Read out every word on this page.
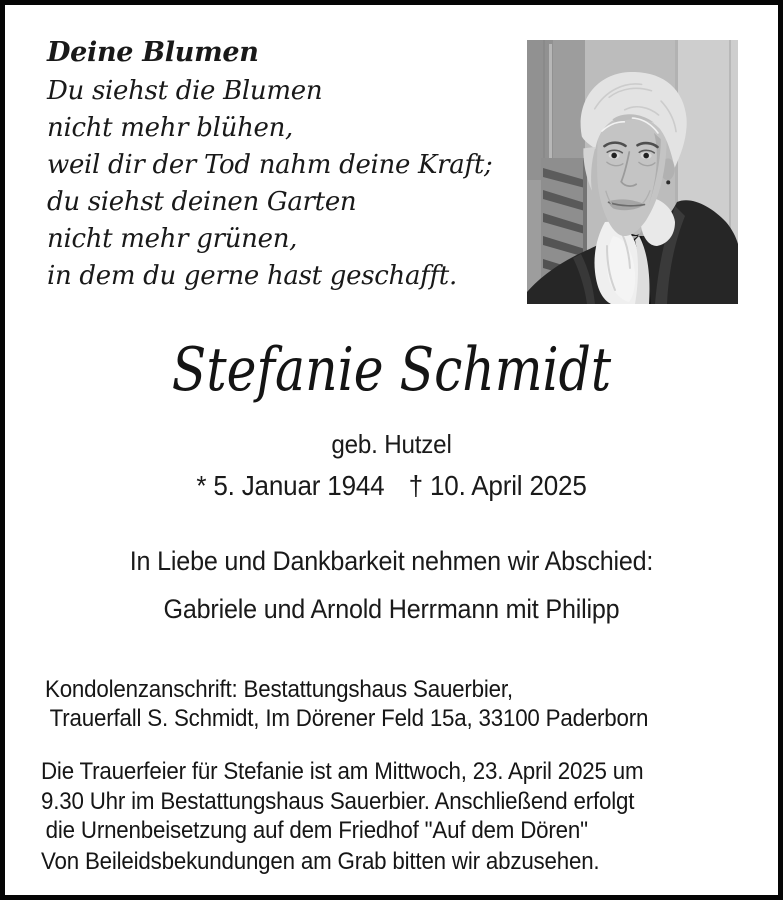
Deine Blumen
Du siehst die Blumen
nicht mehr blühen,
weil dir der Tod nahm deine Kraft;
du siehst deinen Garten
nicht mehr grünen,
in dem du gerne hast geschafft.
Stefanie Schmidt
geb. Hutzel
* 5. Januar 1944 † 10. April 2025
In Liebe und Dankbarkeit nehmen wir Abschied:
Gabriele und Arnold Herrmann mit Philipp
Kondolenzanschrift: Bestattungshaus Sauerbier,
Trauerfall S. Schmidt, Im Dörener Feld 15a, 33100 Paderborn
Die Trauerfeier für Stefanie ist am Mittwoch, 23. April 2025 um
9.30 Uhr im Bestattungshaus Sauerbier. Anschließend erfolgt
die Urnenbeisetzung auf dem Friedhof "Auf dem Dören"
Von Beileidsbekundungen am Grab bitten wir abzusehen.
